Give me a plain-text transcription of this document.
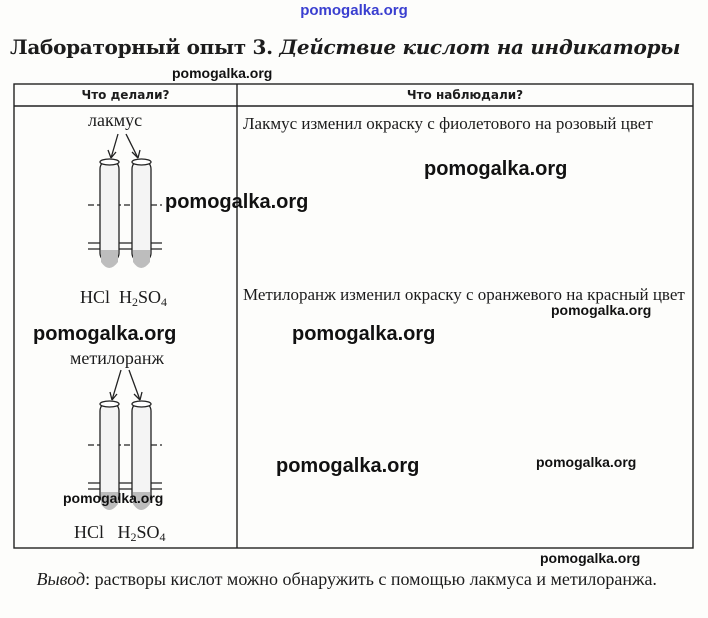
pomogalka.org
Лабораторный опыт 3. Действие кислот на индикаторы
pomogalka.org
Что делали?	Что наблюдали?
лакмус
HCl $H_2SO_4$
Лакмус изменил окраску с фиолетового на розовый цвет
метилоранж
HCl $H_2SO_4$
Метилоранж изменил окраску с оранжевого на красный цвет
pomogalka.org
pomogalka.org
pomogalka.org
pomogalka.org	pomogalka.org
pomogalka.org	pomogalka.org
pomogalka.org
pomogalka.org
Вывод: растворы кислот можно обнаружить с помощью лакмуса и метилоранжа.
